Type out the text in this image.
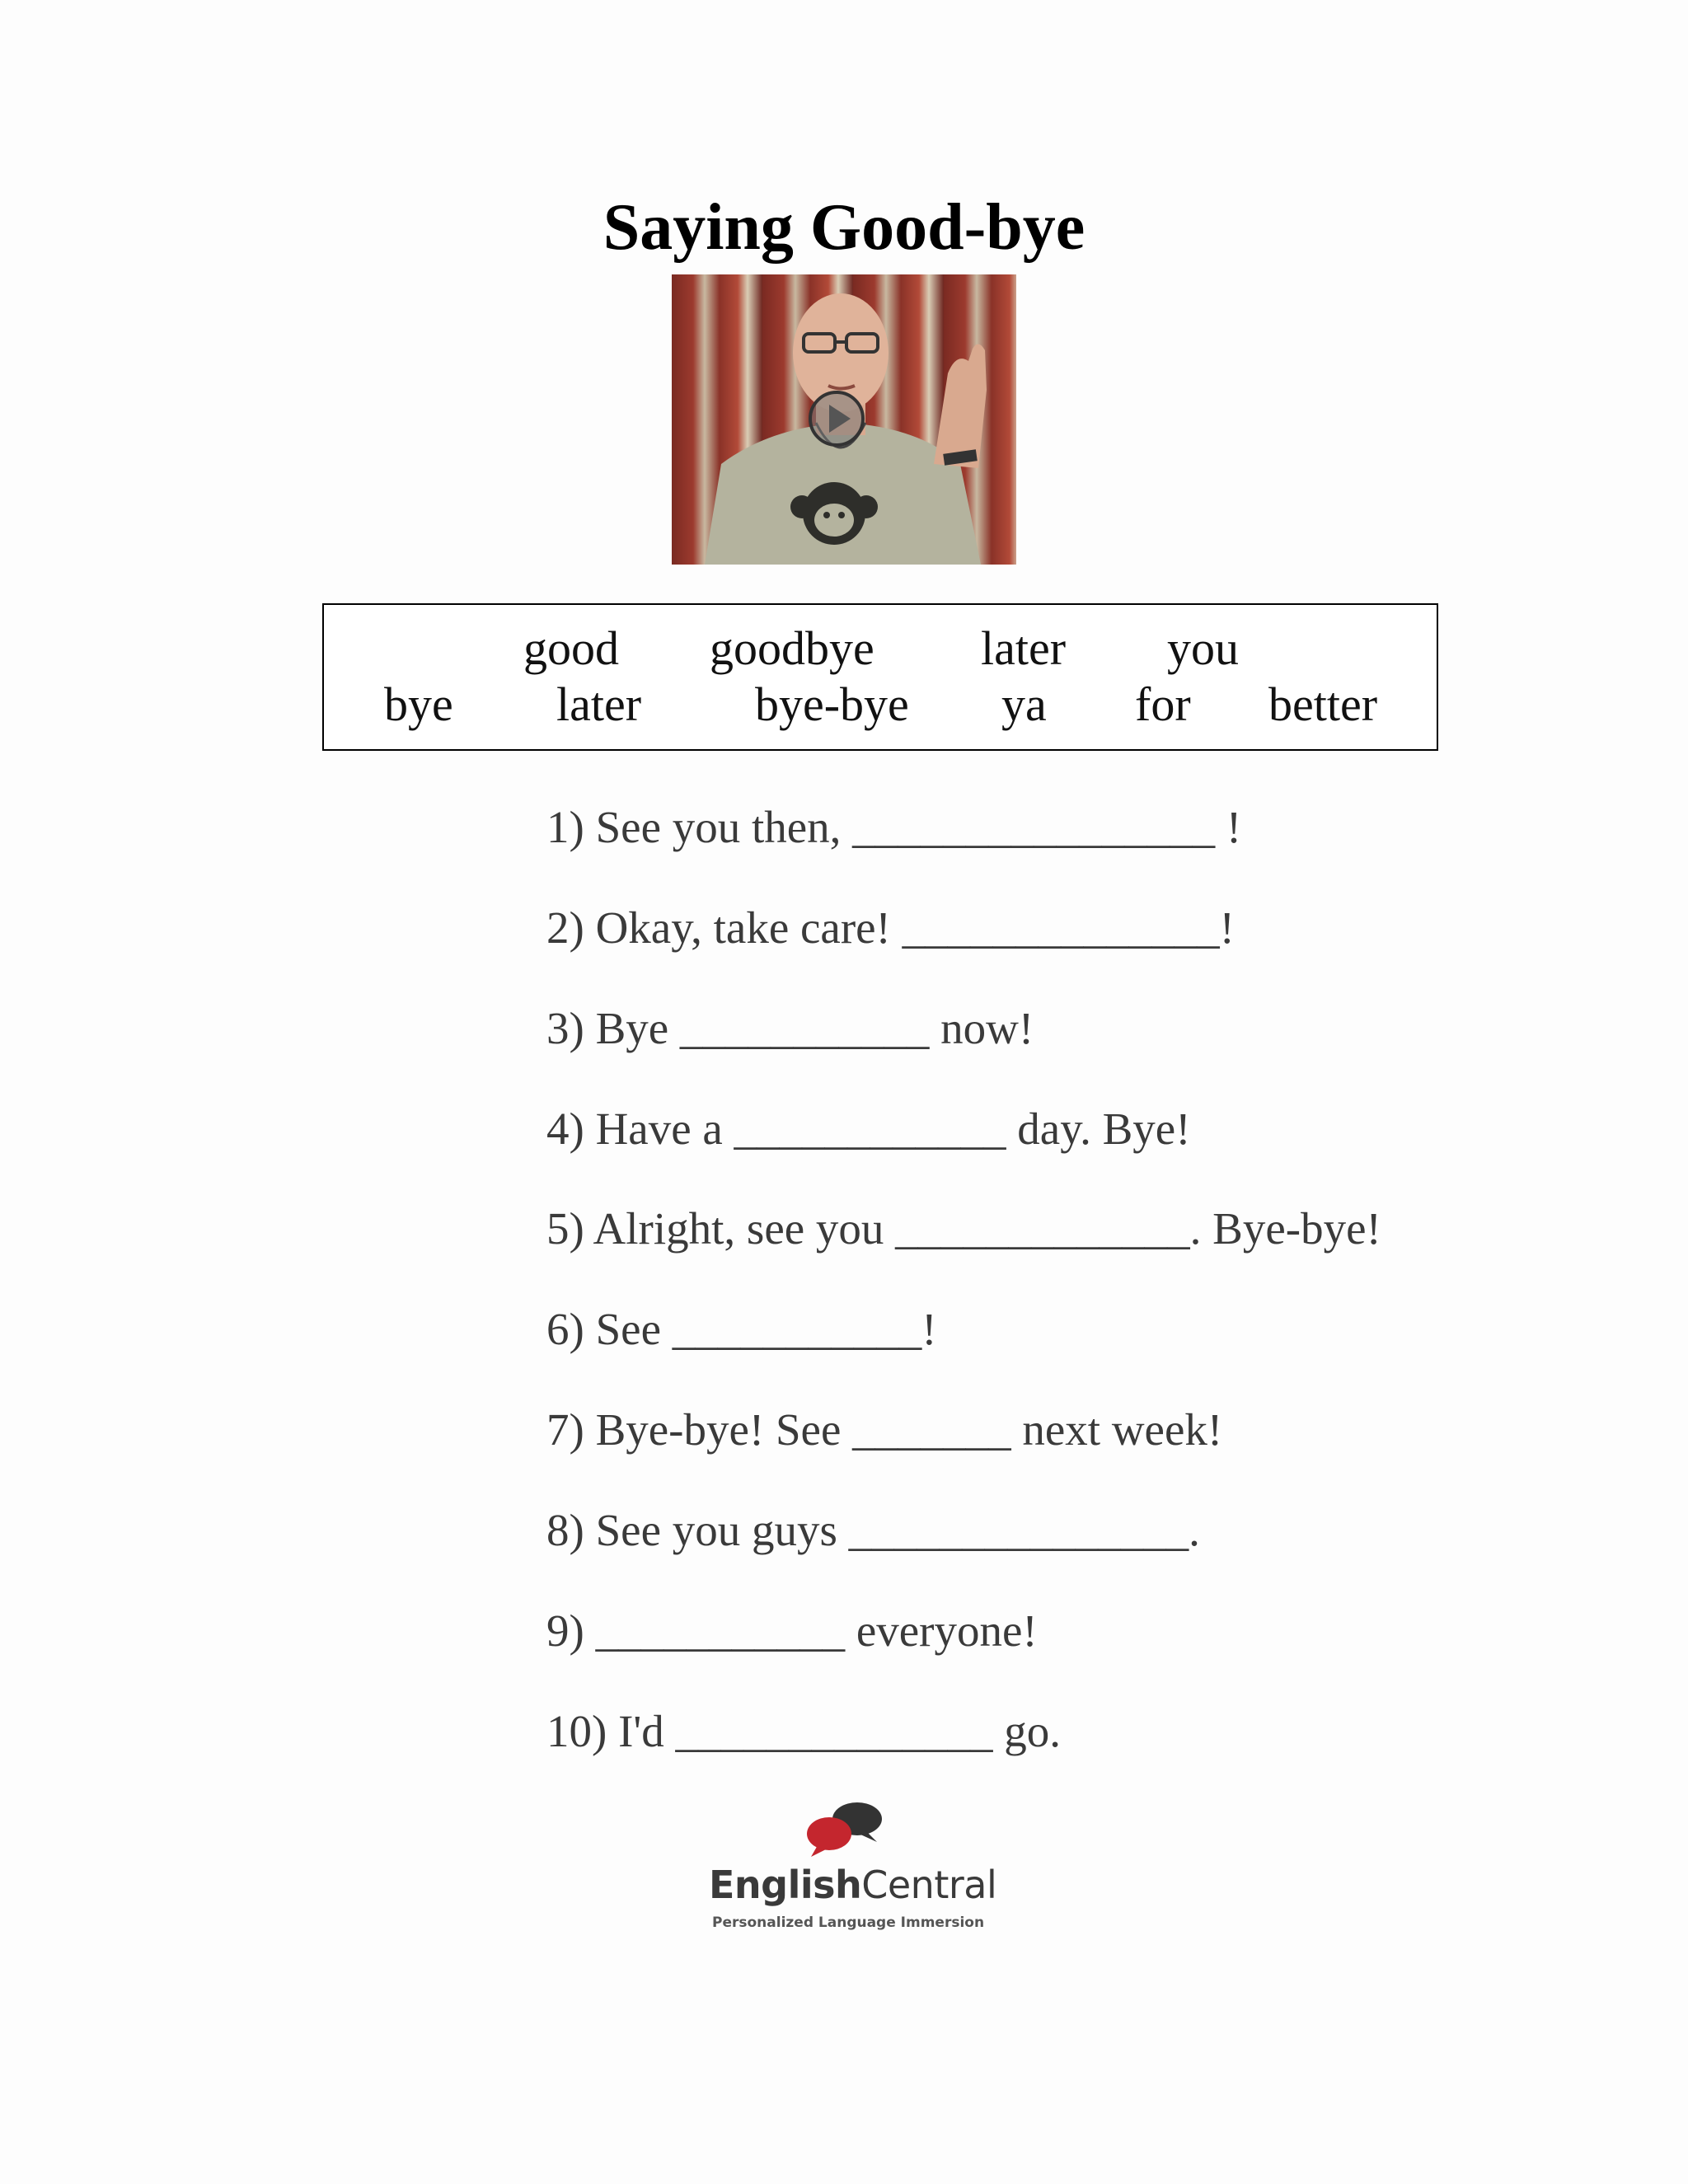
Saying Good-bye
good goodbye later you
bye later bye-bye ya for better
1) See you then, ________________ !
2) Okay, take care! ______________!
3) Bye ___________ now!
4) Have a ____________ day. Bye!
5) Alright, see you _____________. Bye-bye!
6) See ___________!
7) Bye-bye! See _______ next week!
8) See you guys _______________.
9) ___________ everyone!
10) I'd ______________ go.
EnglishCentral
Personalized Language Immersion
